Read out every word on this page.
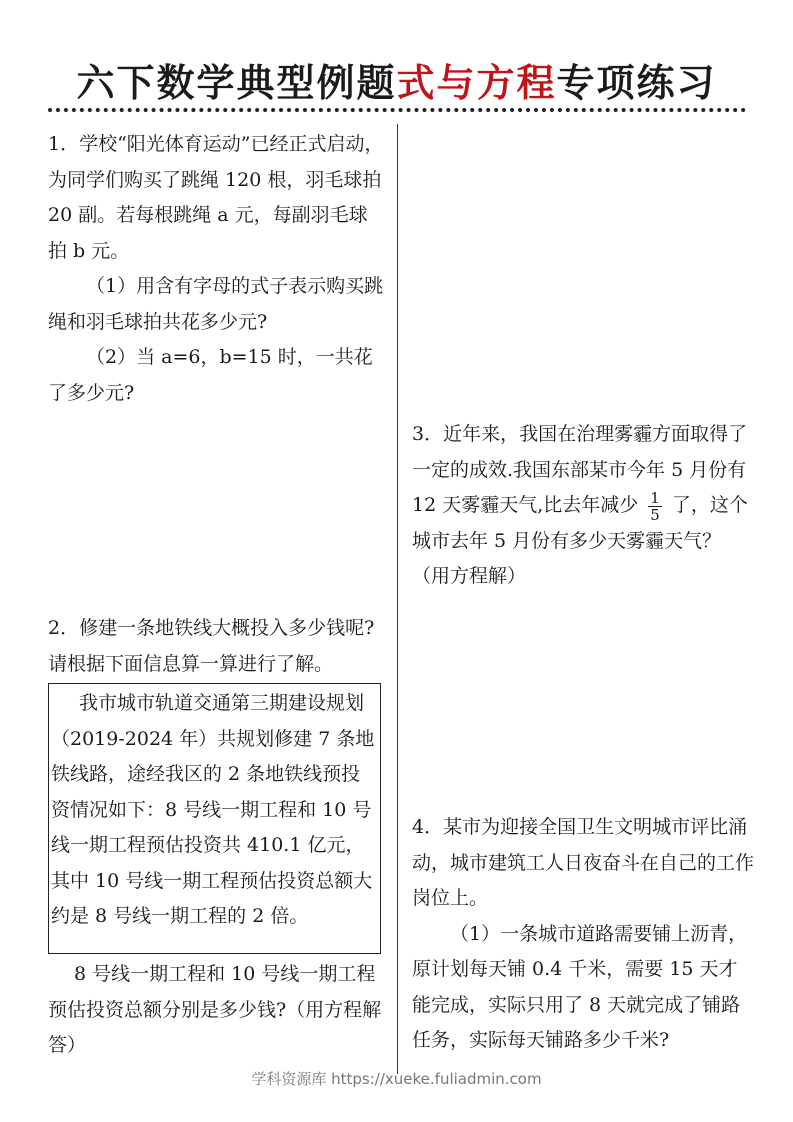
六下数学典型例题式与方程专项练习

1．学校“阳光体育运动”已经正式启动，为同学们购买了跳绳 120 根，羽毛球拍 20 副。若每根跳绳 a 元，每副羽毛球拍 b 元。

（1）用含有字母的式子表示购买跳绳和羽毛球拍共花多少元?

（2）当 a=6，b=15 时，一共花了多少元?

2．修建一条地铁线大概投入多少钱呢?请根据下面信息算一算进行了解。

我市城市轨道交通第三期建设规划（2019-2024 年）共规划修建 7 条地铁线路，途经我区的 2 条地铁线预投资情况如下：8 号线一期工程和 10 号线一期工程预估投资共 410.1 亿元，其中 10 号线一期工程预估投资总额大约是 8 号线一期工程的 2 倍。

8 号线一期工程和 10 号线一期工程预估投资总额分别是多少钱?（用方程解答）

3．近年来，我国在治理雾霾方面取得了一定的成效.我国东部某市今年 5 月份有 12 天雾霾天气,比去年减少 $\frac{1}{5}$ 了，这个城市去年 5 月份有多少天雾霾天气？（用方程解）

4．某市为迎接全国卫生文明城市评比涌动，城市建筑工人日夜奋斗在自己的工作岗位上。

（1）一条城市道路需要铺上沥青，原计划每天铺 0.4 千米，需要 15 天才能完成，实际只用了 8 天就完成了铺路任务，实际每天铺路多少千米?

学科资源库 https://xueke.fuliadmin.com
